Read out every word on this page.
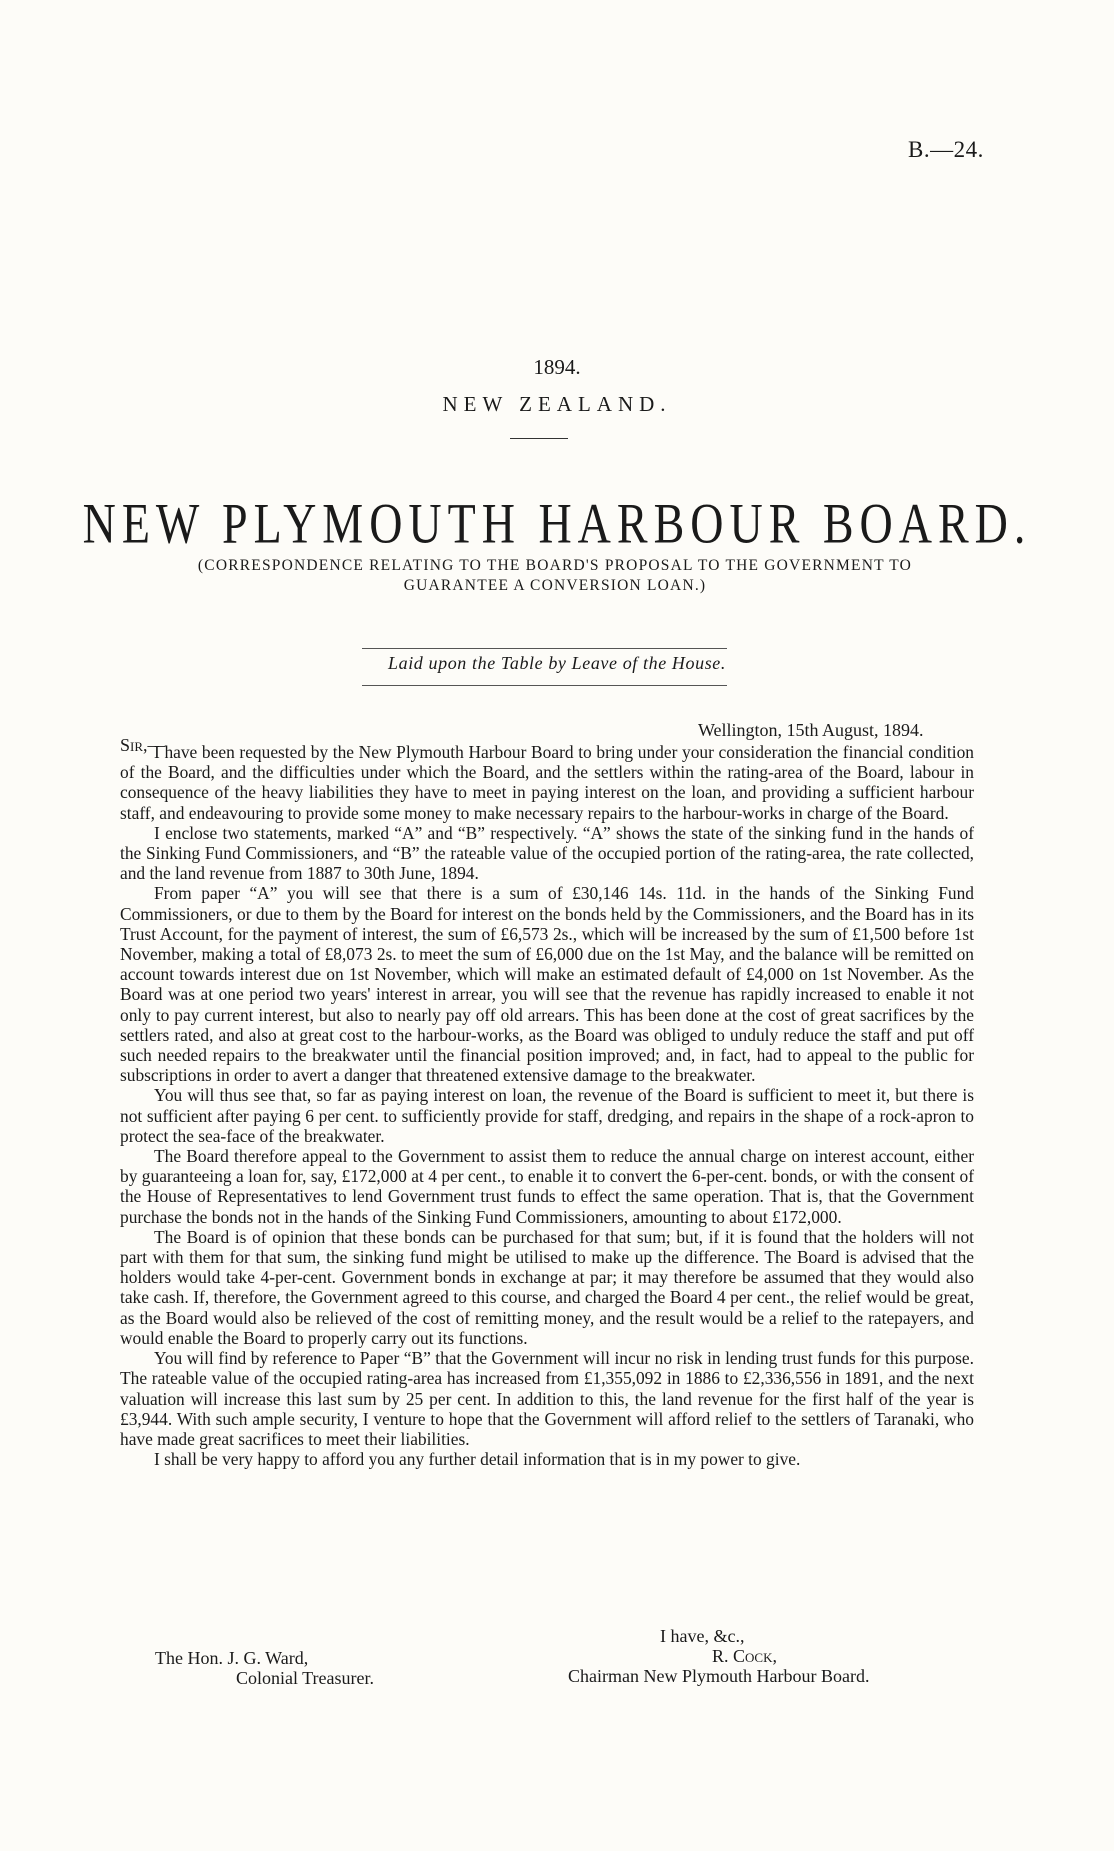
B.—24.
1894.
NEW ZEALAND.
NEW PLYMOUTH HARBOUR BOARD.
(CORRESPONDENCE RELATING TO THE BOARD'S PROPOSAL TO THE GOVERNMENT TO
GUARANTEE A CONVERSION LOAN.)
Laid upon the Table by Leave of the House.
Wellington, 15th August, 1894.
Sir,—

I have been requested by the New Plymouth Harbour Board to bring under your consideration the financial condition of the Board, and the difficulties under which the Board, and the settlers within the rating-area of the Board, labour in consequence of the heavy liabilities they have to meet in paying interest on the loan, and providing a sufficient harbour staff, and endeavouring to provide some money to make necessary repairs to the harbour-works in charge of the Board.

I enclose two statements, marked “A” and “B” respectively. “A” shows the state of the sinking fund in the hands of the Sinking Fund Commissioners, and “B” the rateable value of the occupied portion of the rating-area, the rate collected, and the land revenue from 1887 to 30th June, 1894.

From paper “A” you will see that there is a sum of £30,146 14s. 11d. in the hands of the Sinking Fund Commissioners, or due to them by the Board for interest on the bonds held by the Commissioners, and the Board has in its Trust Account, for the payment of interest, the sum of £6,573 2s., which will be increased by the sum of £1,500 before 1st November, making a total of £8,073 2s. to meet the sum of £6,000 due on the 1st May, and the balance will be remitted on account towards interest due on 1st November, which will make an estimated default of £4,000 on 1st November. As the Board was at one period two years' interest in arrear, you will see that the revenue has rapidly increased to enable it not only to pay current interest, but also to nearly pay off old arrears. This has been done at the cost of great sacrifices by the settlers rated, and also at great cost to the harbour-works, as the Board was obliged to unduly reduce the staff and put off such needed repairs to the breakwater until the financial position improved; and, in fact, had to appeal to the public for subscriptions in order to avert a danger that threatened extensive damage to the breakwater.

You will thus see that, so far as paying interest on loan, the revenue of the Board is sufficient to meet it, but there is not sufficient after paying 6 per cent. to sufficiently provide for staff, dredging, and repairs in the shape of a rock-apron to protect the sea-face of the breakwater.

The Board therefore appeal to the Government to assist them to reduce the annual charge on interest account, either by guaranteeing a loan for, say, £172,000 at 4 per cent., to enable it to convert the 6-per-cent. bonds, or with the consent of the House of Representatives to lend Government trust funds to effect the same operation. That is, that the Government purchase the bonds not in the hands of the Sinking Fund Commissioners, amounting to about £172,000.

The Board is of opinion that these bonds can be purchased for that sum; but, if it is found that the holders will not part with them for that sum, the sinking fund might be utilised to make up the difference. The Board is advised that the holders would take 4-per-cent. Government bonds in exchange at par; it may therefore be assumed that they would also take cash. If, therefore, the Government agreed to this course, and charged the Board 4 per cent., the relief would be great, as the Board would also be relieved of the cost of remitting money, and the result would be a relief to the ratepayers, and would enable the Board to properly carry out its functions.

You will find by reference to Paper “B” that the Government will incur no risk in lending trust funds for this purpose. The rateable value of the occupied rating-area has increased from £1,355,092 in 1886 to £2,336,556 in 1891, and the next valuation will increase this last sum by 25 per cent. In addition to this, the land revenue for the first half of the year is £3,944. With such ample security, I venture to hope that the Government will afford relief to the settlers of Taranaki, who have made great sacrifices to meet their liabilities.

I shall be very happy to afford you any further detail information that is in my power to give.

I have, &c.,
R. Cock,
Chairman New Plymouth Harbour Board.
The Hon. J. G. Ward,
Colonial Treasurer.
